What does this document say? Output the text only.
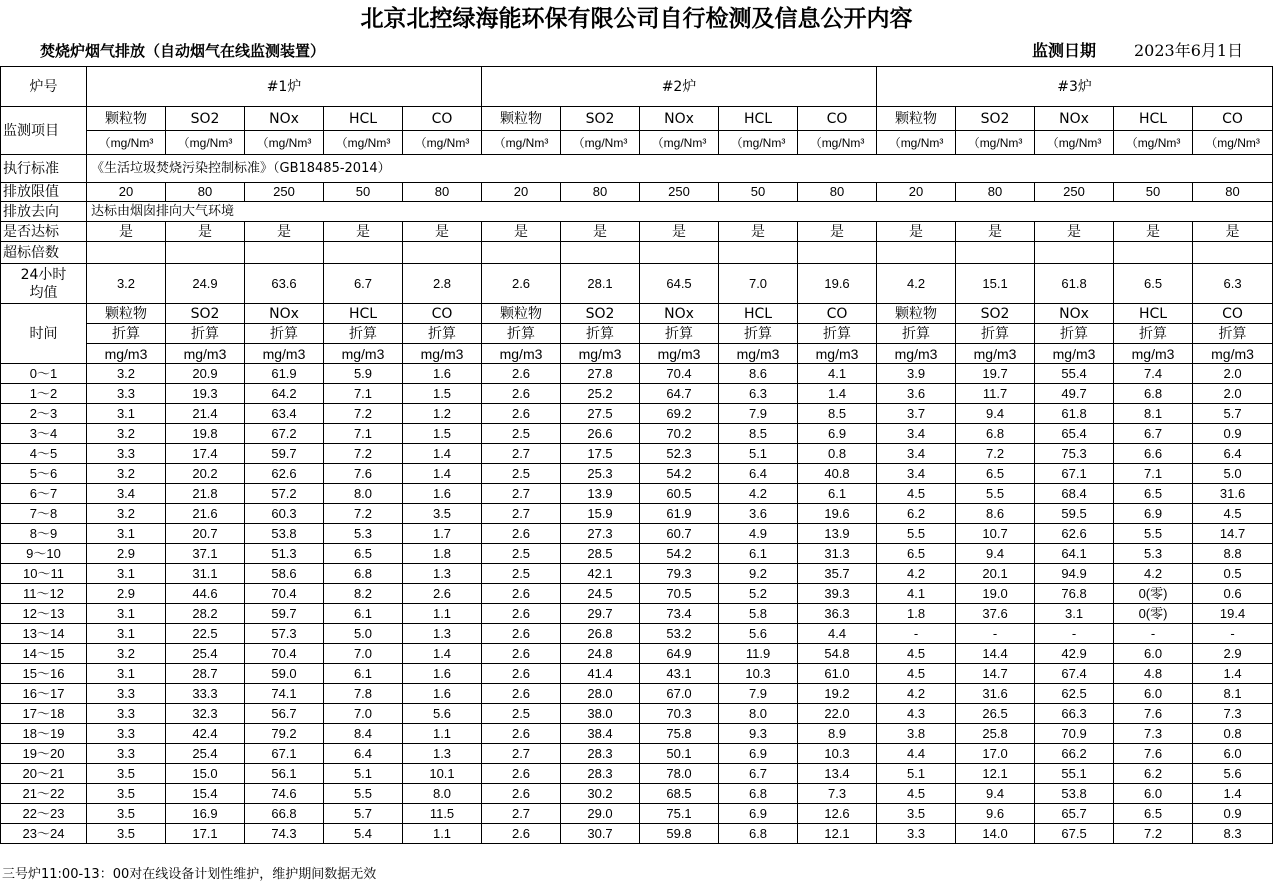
北京北控绿海能环保有限公司自行检测及信息公开内容
焚烧炉烟气排放（自动烟气在线监测装置）	监测日期 2023年6月1日
炉号	#1炉					#2炉					#3炉				
监测项目	颗粒物	SO2	NOx	HCL	CO	颗粒物	SO2	NOx	HCL	CO	颗粒物	SO2	NOx	HCL	CO
	（mg/Nm³	（mg/Nm³	（mg/Nm³	（mg/Nm³	（mg/Nm³	（mg/Nm³	（mg/Nm³	（mg/Nm³	（mg/Nm³	（mg/Nm³	（mg/Nm³	（mg/Nm³	（mg/Nm³	（mg/Nm³	（mg/Nm³
执行标准	《生活垃圾焚烧污染控制标准》（GB18485-2014）														
排放限值	20	80	250	50	80	20	80	250	50	80	20	80	250	50	80
排放去向	达标由烟囱排向大气环境														
是否达标	是	是	是	是	是	是	是	是	是	是	是	是	是	是	是
超标倍数															
24小时
均值	3.2	24.9	63.6	6.7	2.8	2.6	28.1	64.5	7.0	19.6	4.2	15.1	61.8	6.5	6.3
时间	颗粒物	SO2	NOx	HCL	CO	颗粒物	SO2	NOx	HCL	CO	颗粒物	SO2	NOx	HCL	CO
	折算	折算	折算	折算	折算	折算	折算	折算	折算	折算	折算	折算	折算	折算	折算
	mg/m3	mg/m3	mg/m3	mg/m3	mg/m3	mg/m3	mg/m3	mg/m3	mg/m3	mg/m3	mg/m3	mg/m3	mg/m3	mg/m3	mg/m3
0～1	3.2	20.9	61.9	5.9	1.6	2.6	27.8	70.4	8.6	4.1	3.9	19.7	55.4	7.4	2.0
1～2	3.3	19.3	64.2	7.1	1.5	2.6	25.2	64.7	6.3	1.4	3.6	11.7	49.7	6.8	2.0
2～3	3.1	21.4	63.4	7.2	1.2	2.6	27.5	69.2	7.9	8.5	3.7	9.4	61.8	8.1	5.7
3～4	3.2	19.8	67.2	7.1	1.5	2.5	26.6	70.2	8.5	6.9	3.4	6.8	65.4	6.7	0.9
4～5	3.3	17.4	59.7	7.2	1.4	2.7	17.5	52.3	5.1	0.8	3.4	7.2	75.3	6.6	6.4
5～6	3.2	20.2	62.6	7.6	1.4	2.5	25.3	54.2	6.4	40.8	3.4	6.5	67.1	7.1	5.0
6～7	3.4	21.8	57.2	8.0	1.6	2.7	13.9	60.5	4.2	6.1	4.5	5.5	68.4	6.5	31.6
7～8	3.2	21.6	60.3	7.2	3.5	2.7	15.9	61.9	3.6	19.6	6.2	8.6	59.5	6.9	4.5
8～9	3.1	20.7	53.8	5.3	1.7	2.6	27.3	60.7	4.9	13.9	5.5	10.7	62.6	5.5	14.7
9～10	2.9	37.1	51.3	6.5	1.8	2.5	28.5	54.2	6.1	31.3	6.5	9.4	64.1	5.3	8.8
10～11	3.1	31.1	58.6	6.8	1.3	2.5	42.1	79.3	9.2	35.7	4.2	20.1	94.9	4.2	0.5
11～12	2.9	44.6	70.4	8.2	2.6	2.6	24.5	70.5	5.2	39.3	4.1	19.0	76.8	0(零)	0.6
12～13	3.1	28.2	59.7	6.1	1.1	2.6	29.7	73.4	5.8	36.3	1.8	37.6	3.1	0(零)	19.4
13～14	3.1	22.5	57.3	5.0	1.3	2.6	26.8	53.2	5.6	4.4	-	-	-	-	-
14～15	3.2	25.4	70.4	7.0	1.4	2.6	24.8	64.9	11.9	54.8	4.5	14.4	42.9	6.0	2.9
15～16	3.1	28.7	59.0	6.1	1.6	2.6	41.4	43.1	10.3	61.0	4.5	14.7	67.4	4.8	1.4
16～17	3.3	33.3	74.1	7.8	1.6	2.6	28.0	67.0	7.9	19.2	4.2	31.6	62.5	6.0	8.1
17～18	3.3	32.3	56.7	7.0	5.6	2.5	38.0	70.3	8.0	22.0	4.3	26.5	66.3	7.6	7.3
18～19	3.3	42.4	79.2	8.4	1.1	2.6	38.4	75.8	9.3	8.9	3.8	25.8	70.9	7.3	0.8
19～20	3.3	25.4	67.1	6.4	1.3	2.7	28.3	50.1	6.9	10.3	4.4	17.0	66.2	7.6	6.0
20～21	3.5	15.0	56.1	5.1	10.1	2.6	28.3	78.0	6.7	13.4	5.1	12.1	55.1	6.2	5.6
21～22	3.5	15.4	74.6	5.5	8.0	2.6	30.2	68.5	6.8	7.3	4.5	9.4	53.8	6.0	1.4
22～23	3.5	16.9	66.8	5.7	11.5	2.7	29.0	75.1	6.9	12.6	3.5	9.6	65.7	6.5	0.9
23～24	3.5	17.1	74.3	5.4	1.1	2.6	30.7	59.8	6.8	12.1	3.3	14.0	67.5	7.2	8.3
三号炉11:00-13：00对在线设备计划性维护，维护期间数据无效
